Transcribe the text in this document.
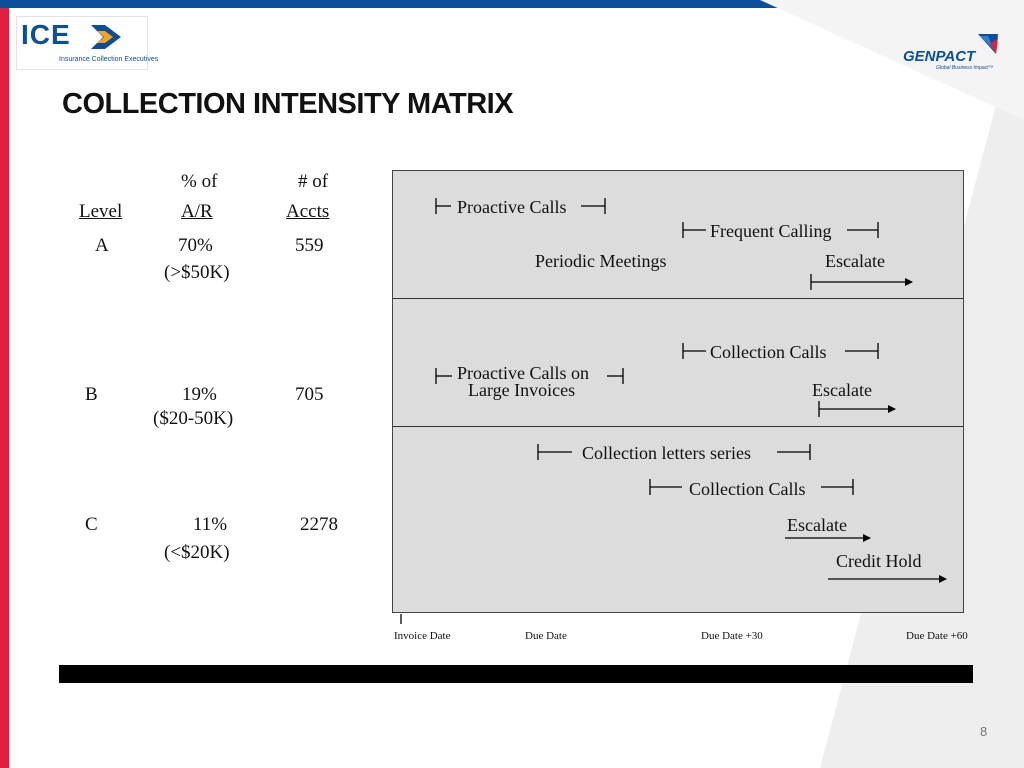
ICE
Insurance Collection Executives	GENPACT
Global Business Impact™
COLLECTION INTENSITY MATRIX
% of	# of
Level	A/R	Accts
A	70%	559
(>$50K)
B	19%	705
($20-50K)
C	11%	2278
(<$20K)
Proactive Calls
Frequent Calling
Periodic Meetings	Escalate
Collection Calls
Proactive Calls on
Large Invoices	Escalate
Collection letters series
Collection Calls
Escalate
Credit Hold
Invoice Date	Due Date	Due Date +30	Due Date +60
8
